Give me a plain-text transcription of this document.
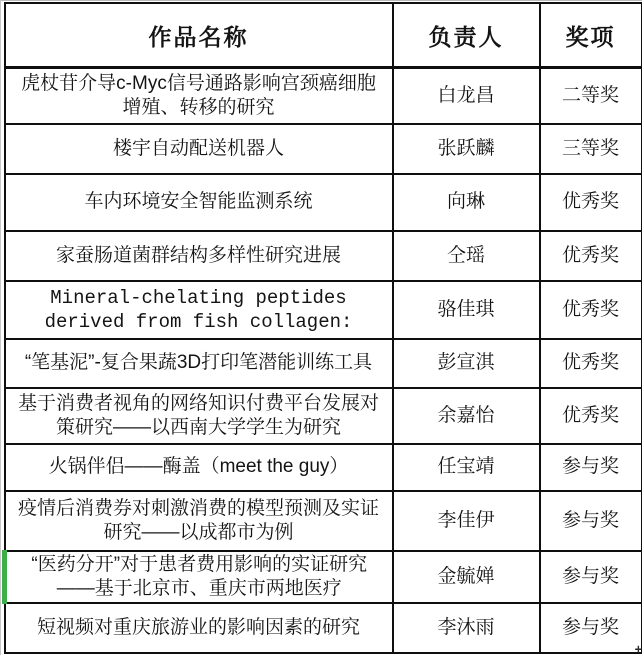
作品名称	负责人	奖项
虎杖苷介导c-Myc信号通路影响宫颈癌细胞增殖、转移的研究	白龙昌	二等奖
楼宇自动配送机器人	张跃麟	三等奖
车内环境安全智能监测系统	向琳	优秀奖
家蚕肠道菌群结构多样性研究进展	仝瑶	优秀奖
Mineral-chelating peptides derived from fish collagen:	骆佳琪	优秀奖
“笔基泥”-复合果蔬3D打印笔潜能训练工具	彭宣淇	优秀奖
基于消费者视角的网络知识付费平台发展对策研究——以西南大学学生为研究	余嘉怡	优秀奖
火锅伴侣——酶盖（meet the guy）	任宝靖	参与奖
疫情后消费券对刺激消费的模型预测及实证研究——以成都市为例	李佳伊	参与奖
“医药分开”对于患者费用影响的实证研究——基于北京市、重庆市两地医疗	金毓婵	参与奖
短视频对重庆旅游业的影响因素的研究	李沐雨	参与奖
+
